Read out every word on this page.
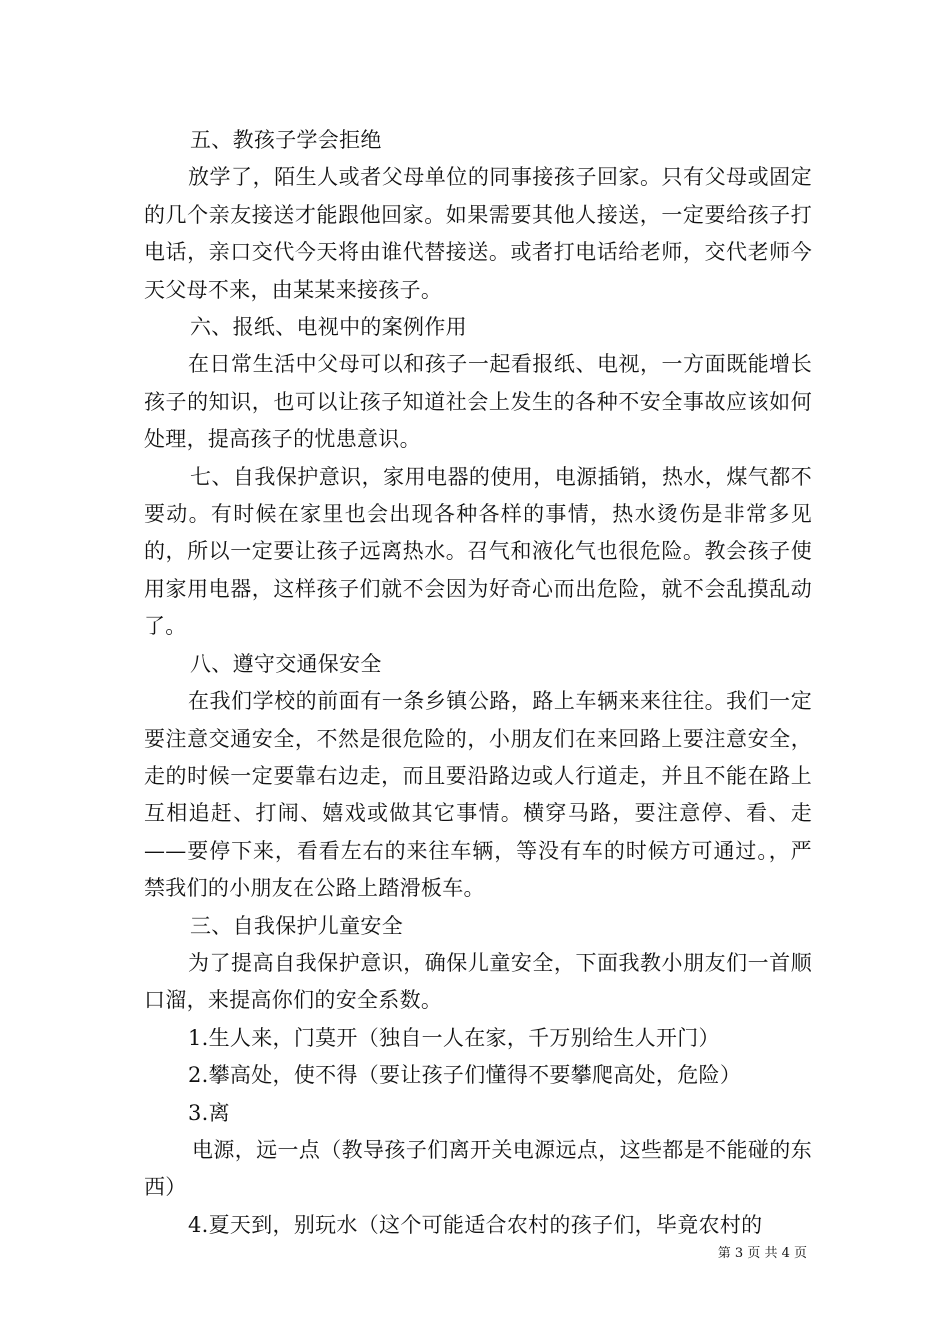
五、教孩子学会拒绝

放学了，陌生人或者父母单位的同事接孩子回家。只有父母或固定的几个亲友接送才能跟他回家。如果需要其他人接送，一定要给孩子打电话，亲口交代今天将由谁代替接送。或者打电话给老师，交代老师今天父母不来，由某某来接孩子。

六、报纸、电视中的案例作用

在日常生活中父母可以和孩子一起看报纸、电视，一方面既能增长孩子的知识，也可以让孩子知道社会上发生的各种不安全事故应该如何处理，提高孩子的忧患意识。

七、自我保护意识，家用电器的使用，电源插销，热水，煤气都不要动。有时候在家里也会出现各种各样的事情，热水烫伤是非常多见的，所以一定要让孩子远离热水。召气和液化气也很危险。教会孩子使用家用电器，这样孩子们就不会因为好奇心而出危险，就不会乱摸乱动了。

八、遵守交通保安全

在我们学校的前面有一条乡镇公路，路上车辆来来往往。我们一定要注意交通安全，不然是很危险的，小朋友们在来回路上要注意安全，走的时候一定要靠右边走，而且要沿路边或人行道走，并且不能在路上互相追赶、打闹、嬉戏或做其它事情。横穿马路，要注意停、看、走——要停下来，看看左右的来往车辆，等没有车的时候方可通过。，严禁我们的小朋友在公路上踏滑板车。

三、自我保护儿童安全

为了提高自我保护意识，确保儿童安全，下面我教小朋友们一首顺口溜，来提高你们的安全系数。

1.生人来，门莫开（独自一人在家，千万别给生人开门）

2.攀高处，使不得（要让孩子们懂得不要攀爬高处，危险）

3.离

电源，远一点（教导孩子们离开关电源远点，这些都是不能碰的东西）

4.夏天到，别玩水（这个可能适合农村的孩子们，毕竟农村的

第 3 页 共 4 页
